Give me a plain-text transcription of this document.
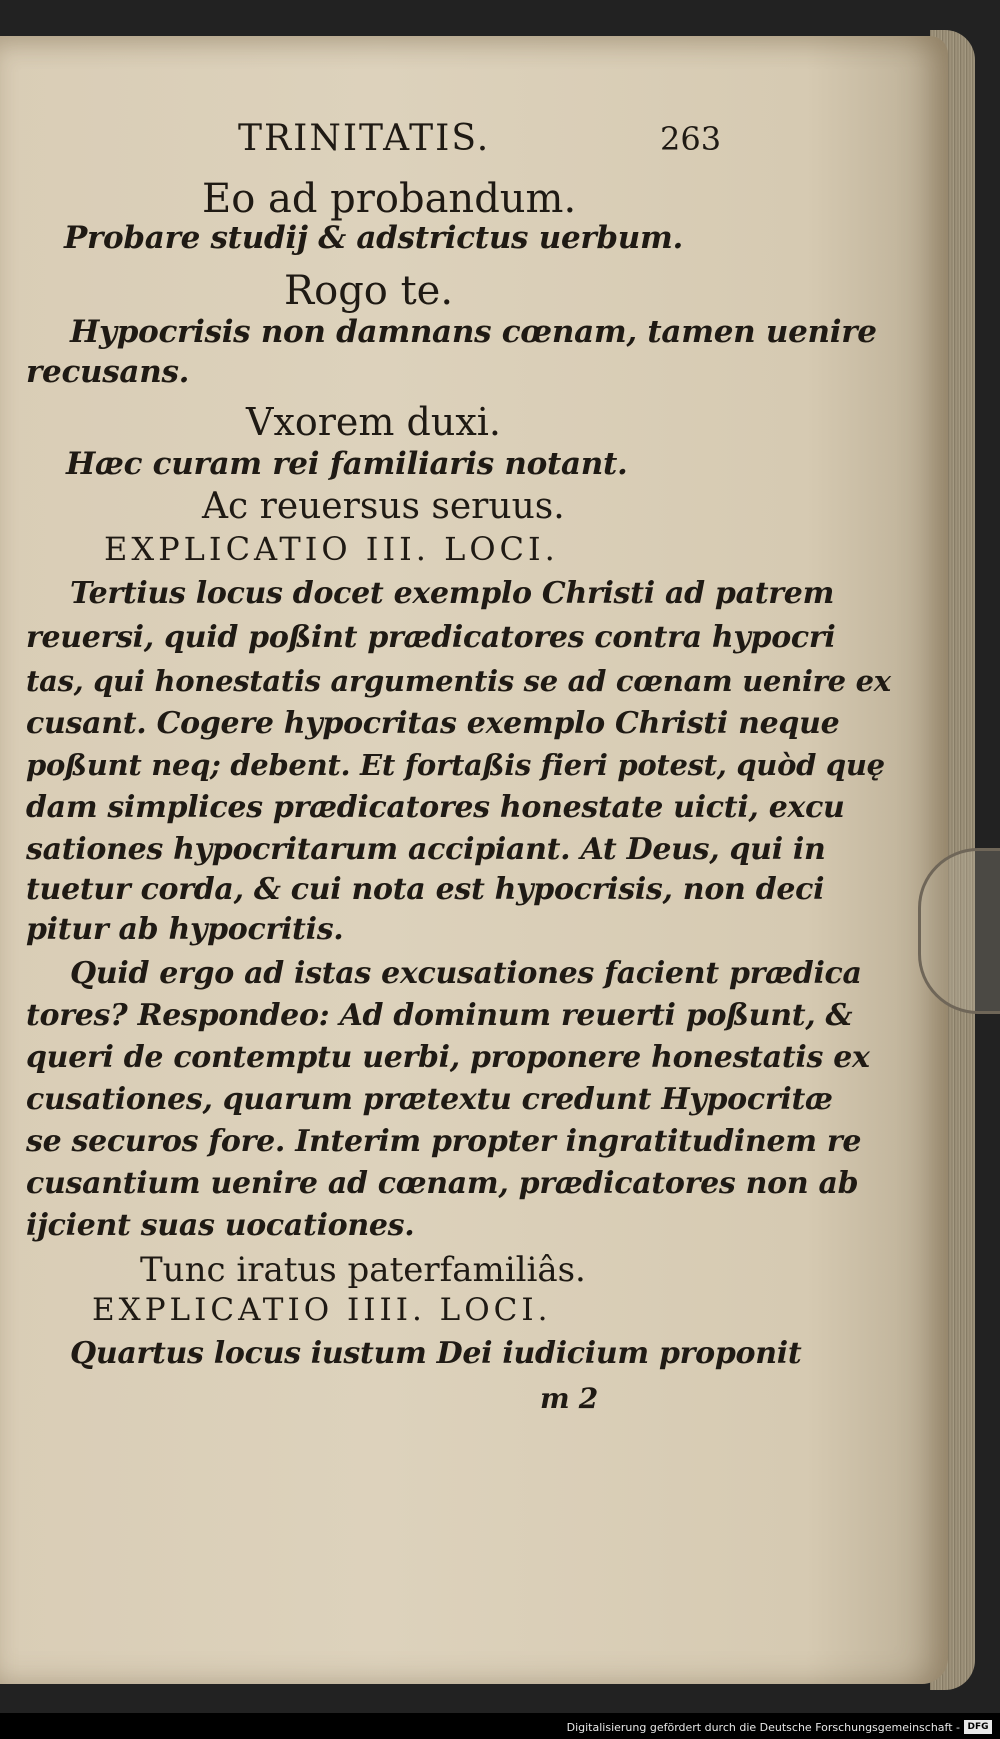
TRINITATIS.	263
Eo ad probandum.
Probare studij & adstrictus uerbum.
Rogo te.
Hypocrisis non damnans cœnam, tamen uenire
recusans.
Vxorem duxi.
Hæc curam rei familiaris notant.
Ac reuersus seruus.
EXPLICATIO III. LOCI.
Tertius locus docet exemplo Christi ad patrem
reuersi, quid poßint prædicatores contra hypocri
tas, qui honestatis argumentis se ad cœnam uenire ex
cusant. Cogere hypocritas exemplo Christi neque
poßunt neq; debent. Et fortaßis fieri potest, quòd quę
dam simplices prædicatores honestate uicti, excu
sationes hypocritarum accipiant. At Deus, qui in
tuetur corda, & cui nota est hypocrisis, non deci
pitur ab hypocritis.
Quid ergo ad istas excusationes facient prædica
tores? Respondeo: Ad dominum reuerti poßunt, &
queri de contemptu uerbi, proponere honestatis ex
cusationes, quarum prætextu credunt Hypocritæ
se securos fore. Interim propter ingratitudinem re
cusantium uenire ad cœnam, prædicatores non ab
ijcient suas uocationes.
Tunc iratus paterfamiliâs.
EXPLICATIO IIII. LOCI.
Quartus locus iustum Dei iudicium proponit
m 2
Digitalisierung gefördert durch die Deutsche Forschungsgemeinschaft - DFG
